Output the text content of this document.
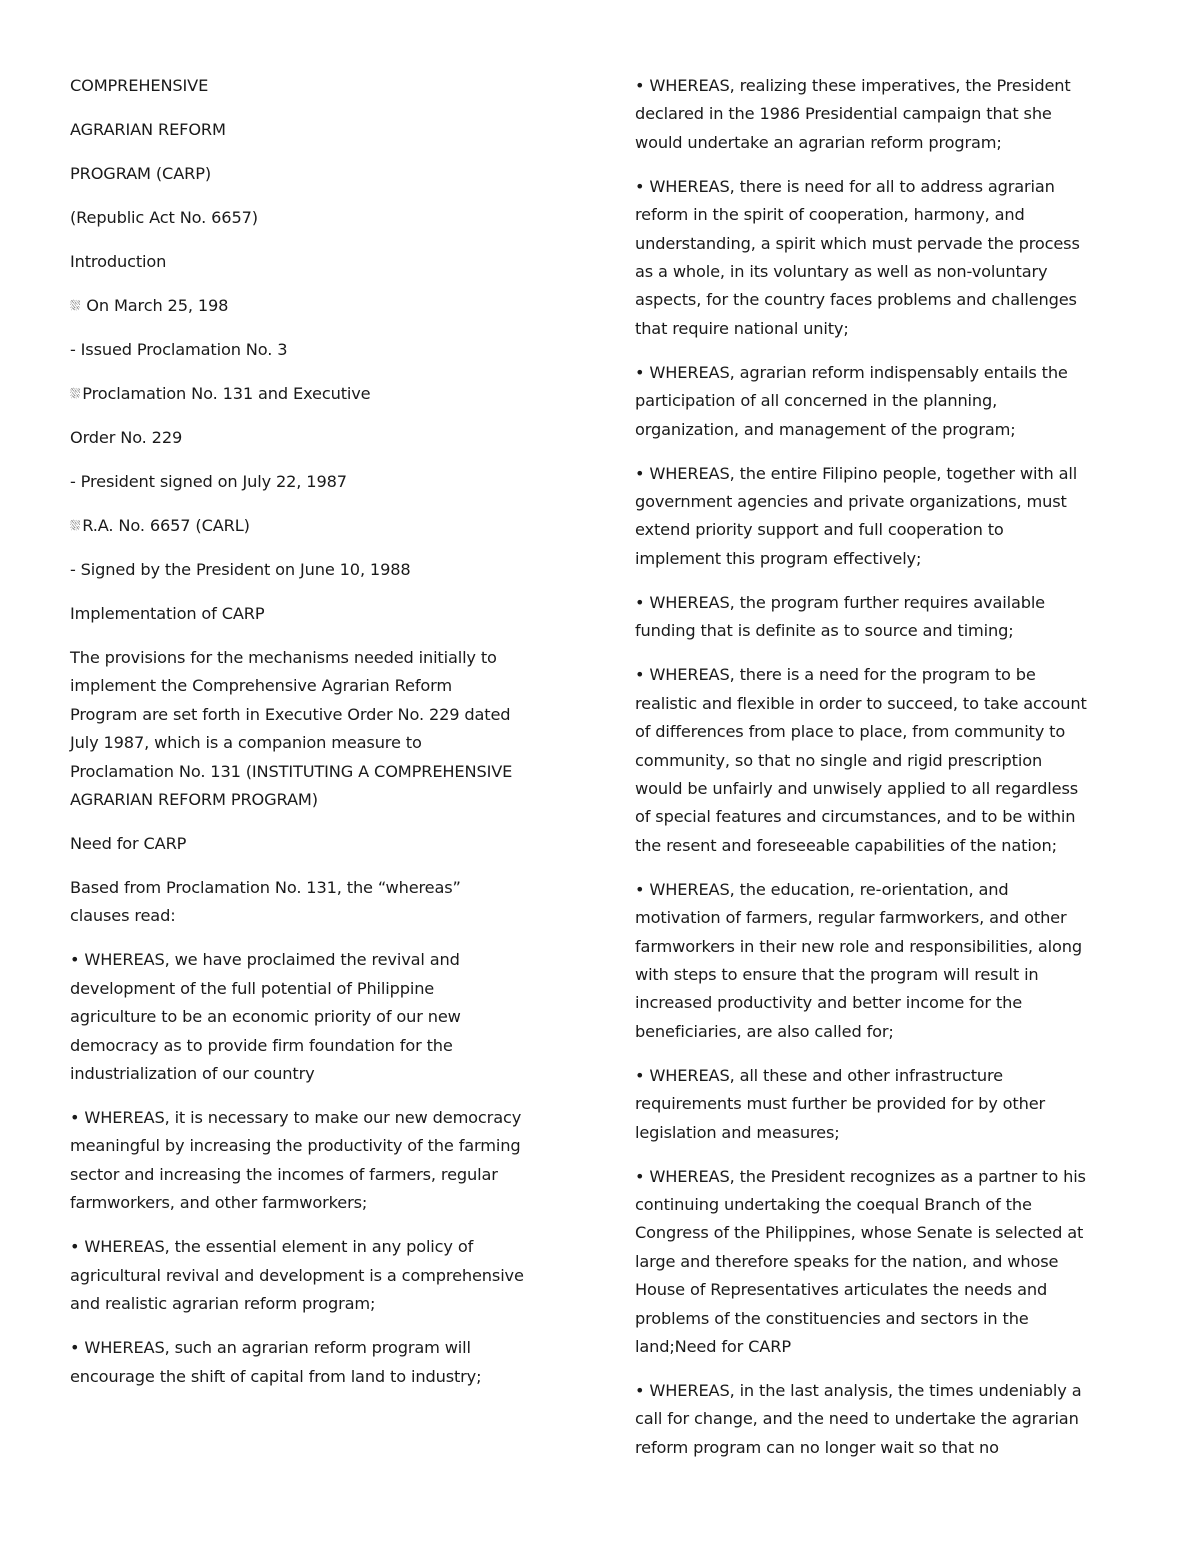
COMPREHENSIVE
AGRARIAN REFORM
PROGRAM (CARP)
(Republic Act No. 6657)
Introduction
⛆ On March 25, 198
- Issued Proclamation No. 3
⛆ Proclamation No. 131 and Executive
Order No. 229
- President signed on July 22, 1987
⛆ R.A. No. 6657 (CARL)
- Signed by the President on June 10, 1988
Implementation of CARP
The provisions for the mechanisms needed initially to
implement the Comprehensive Agrarian Reform
Program are set forth in Executive Order No. 229 dated
July 1987, which is a companion measure to
Proclamation No. 131 (INSTITUTING A COMPREHENSIVE
AGRARIAN REFORM PROGRAM)
Need for CARP
Based from Proclamation No. 131, the “whereas”
clauses read:
• WHEREAS, we have proclaimed the revival and
development of the full potential of Philippine
agriculture to be an economic priority of our new
democracy as to provide firm foundation for the
industrialization of our country
• WHEREAS, it is necessary to make our new democracy
meaningful by increasing the productivity of the farming
sector and increasing the incomes of farmers, regular
farmworkers, and other farmworkers;
• WHEREAS, the essential element in any policy of
agricultural revival and development is a comprehensive
and realistic agrarian reform program;
• WHEREAS, such an agrarian reform program will
encourage the shift of capital from land to industry;
• WHEREAS, realizing these imperatives, the President
declared in the 1986 Presidential campaign that she
would undertake an agrarian reform program;
• WHEREAS, there is need for all to address agrarian
reform in the spirit of cooperation, harmony, and
understanding, a spirit which must pervade the process
as a whole, in its voluntary as well as non-voluntary
aspects, for the country faces problems and challenges
that require national unity;
• WHEREAS, agrarian reform indispensably entails the
participation of all concerned in the planning,
organization, and management of the program;
• WHEREAS, the entire Filipino people, together with all
government agencies and private organizations, must
extend priority support and full cooperation to
implement this program effectively;
• WHEREAS, the program further requires available
funding that is definite as to source and timing;
• WHEREAS, there is a need for the program to be
realistic and flexible in order to succeed, to take account
of differences from place to place, from community to
community, so that no single and rigid prescription
would be unfairly and unwisely applied to all regardless
of special features and circumstances, and to be within
the resent and foreseeable capabilities of the nation;
• WHEREAS, the education, re-orientation, and
motivation of farmers, regular farmworkers, and other
farmworkers in their new role and responsibilities, along
with steps to ensure that the program will result in
increased productivity and better income for the
beneficiaries, are also called for;
• WHEREAS, all these and other infrastructure
requirements must further be provided for by other
legislation and measures;
• WHEREAS, the President recognizes as a partner to his
continuing undertaking the coequal Branch of the
Congress of the Philippines, whose Senate is selected at
large and therefore speaks for the nation, and whose
House of Representatives articulates the needs and
problems of the constituencies and sectors in the
land;Need for CARP
• WHEREAS, in the last analysis, the times undeniably a
call for change, and the need to undertake the agrarian
reform program can no longer wait so that no
